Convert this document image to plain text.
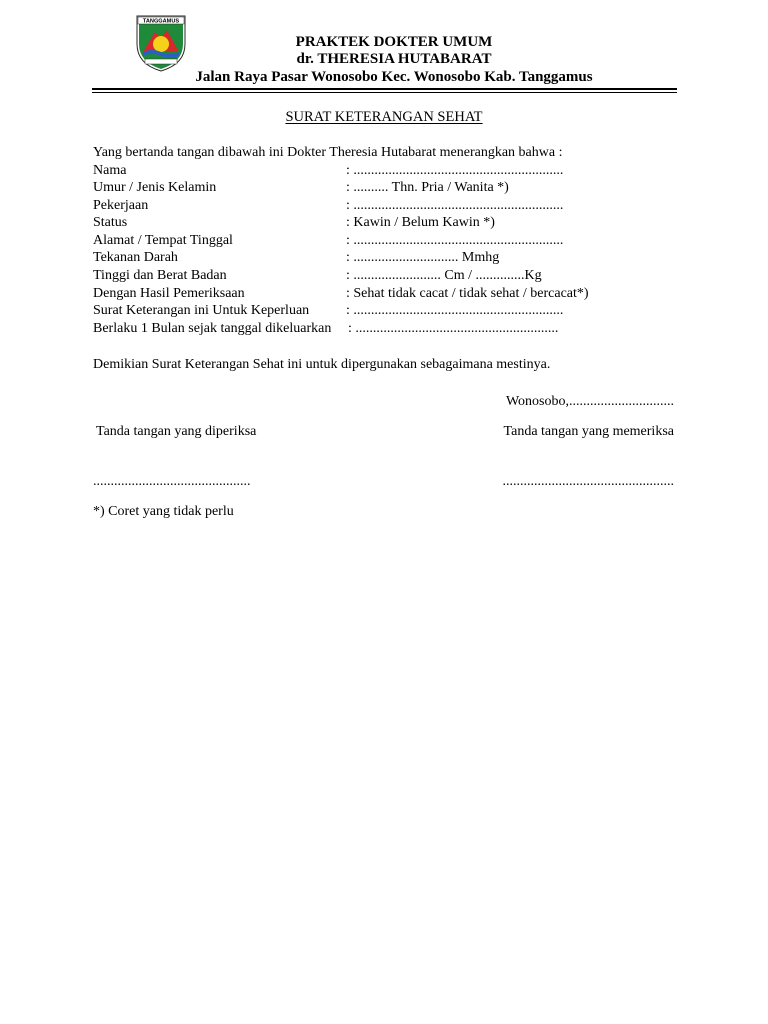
TANGGAMUS
PRAKTEK DOKTER UMUM
dr. THERESIA HUTABARAT
Jalan Raya Pasar Wonosobo Kec. Wonosobo Kab. Tanggamus
SURAT KETERANGAN SEHAT
Yang bertanda tangan dibawah ini Dokter Theresia Hutabarat menerangkan bahwa :
Nama	: ............................................................
Umur / Jenis Kelamin	: .......... Thn. Pria / Wanita *)
Pekerjaan	: ............................................................
Status	: Kawin / Belum Kawin *)
Alamat / Tempat Tinggal	: ............................................................
Tekanan Darah	: .............................. Mmhg
Tinggi dan Berat Badan	: ......................... Cm / ..............Kg
Dengan Hasil Pemeriksaan	: Sehat tidak cacat / tidak sehat / bercacat*)
Surat Keterangan ini Untuk Keperluan	: ............................................................
Berlaku 1 Bulan sejak tanggal dikeluarkan : ..........................................................
Demikian Surat Keterangan Sehat ini untuk dipergunakan sebagaimana mestinya.
Wonosobo,..............................
Tanda tangan yang diperiksa	Tanda tangan yang memeriksa
.............................................	.................................................
*) Coret yang tidak perlu
